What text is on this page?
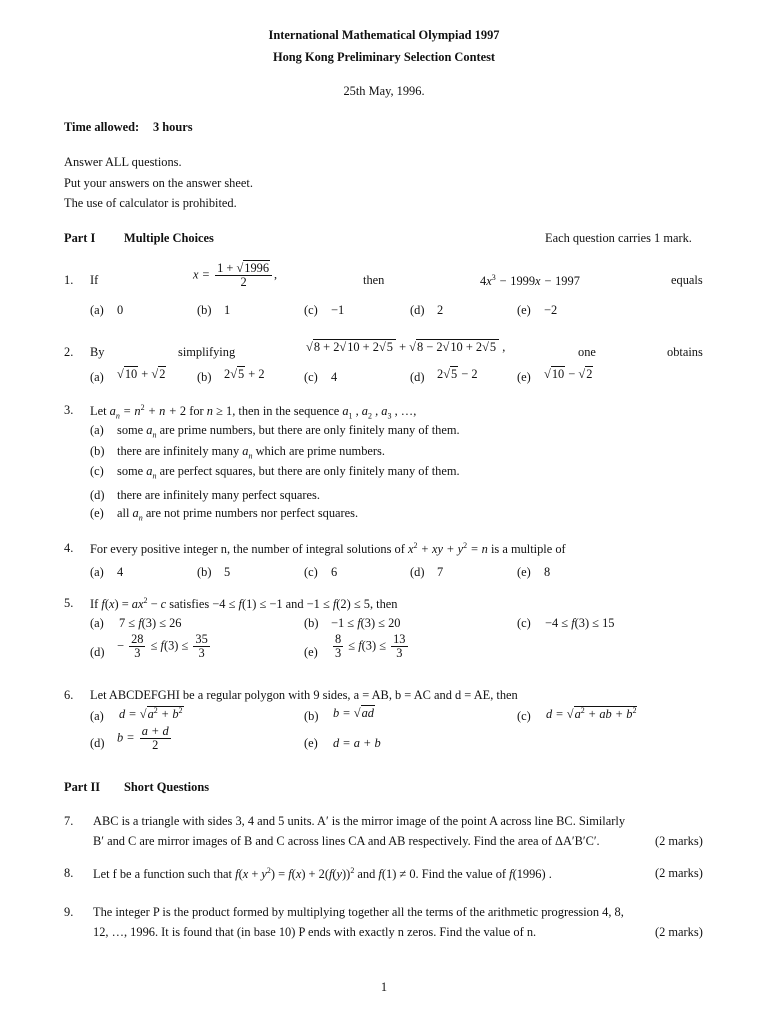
International Mathematical Olympiad 1997
Hong Kong Preliminary Selection Contest
25th May, 1996.
Time allowed: 3 hours
Answer ALL questions.
Put your answers on the answer sheet.
The use of calculator is prohibited.
Part I Multiple Choices	Each question carries 1 mark.
1. If	$x = \frac{1 + √1996}{2}$ ,	then	$4x^3 - 1999x - 1997$	equals
(a) 0	(b) 1	(c) −1	(d) 2	(e) −2
2. By	simplifying	√8 + 2√10 + 2√5 + √8 − 2√10 + 2√5 ,	one	obtains
(a) √10 + √2	(b) 2√5 + 2	(c) 4	(d) 2√5 − 2	(e) √10 − √2
3. Let $a_n = n^2 + n + 2$ for n ≥ 1, then in the sequence $a_1$ , $a_2$ , $a_3$ , …,
(a) some $a_n$ are prime numbers, but there are only finitely many of them.
(b) there are infinitely many $a_n$ which are prime numbers.
(c) some $a_n$ are perfect squares, but there are only finitely many of them.
(d) there are infinitely many perfect squares.
(e) all $a_n$ are not prime numbers nor perfect squares.
4. For every positive integer n, the number of integral solutions of $x^2$ + xy + $y^2 = n$ is a multiple of
(a) 4	(b) 5	(c) 6	(d) 7	(e) 8
5. If $f(x) = ax^2 - c$ satisfies −4 ≤ f(1) ≤ −1 and −1 ≤ f(2) ≤ 5, then
(a) 7 ≤ f(3) ≤ 26	(b) −1 ≤ f(3) ≤ 20	(c) −4 ≤ f(3) ≤ 15
$(d) - \frac{28}{3} \le f(3) \le \frac{35}{3}$	$(e) \frac{8}{3} \le f(3) \le \frac{13}{3}$
6. Let ABCDEFGHI be a regular polygon with 9 sides, a = AB, b = AC and d = AE, then
(a) $d = √a^2 + b^2$	(b) b = √ad	(c) $d = √a^2$ + ab + $b^2$
(d) $b = \frac{a + d}{2}$	(e) d = a + b
Part II Short Questions
7. ABC is a triangle with sides 3, 4 and 5 units. A′ is the mirror image of the point A across line BC. Similarly
B′ and C are mirror images of B and C across lines CA and AB respectively. Find the area of ΔA′B′C′.	(2 marks)
8. Let f be a function such that $f(x + y^2) = f(x) + 2(f(y))^2$ and f(1) ≠ 0. Find the value of f(1996) .	(2 marks)
9. The integer P is the product formed by multiplying together all the terms of the arithmetic progression 4, 8,
12, …, 1996. It is found that (in base 10) P ends with exactly n zeros. Find the value of n.	(2 marks)
1
